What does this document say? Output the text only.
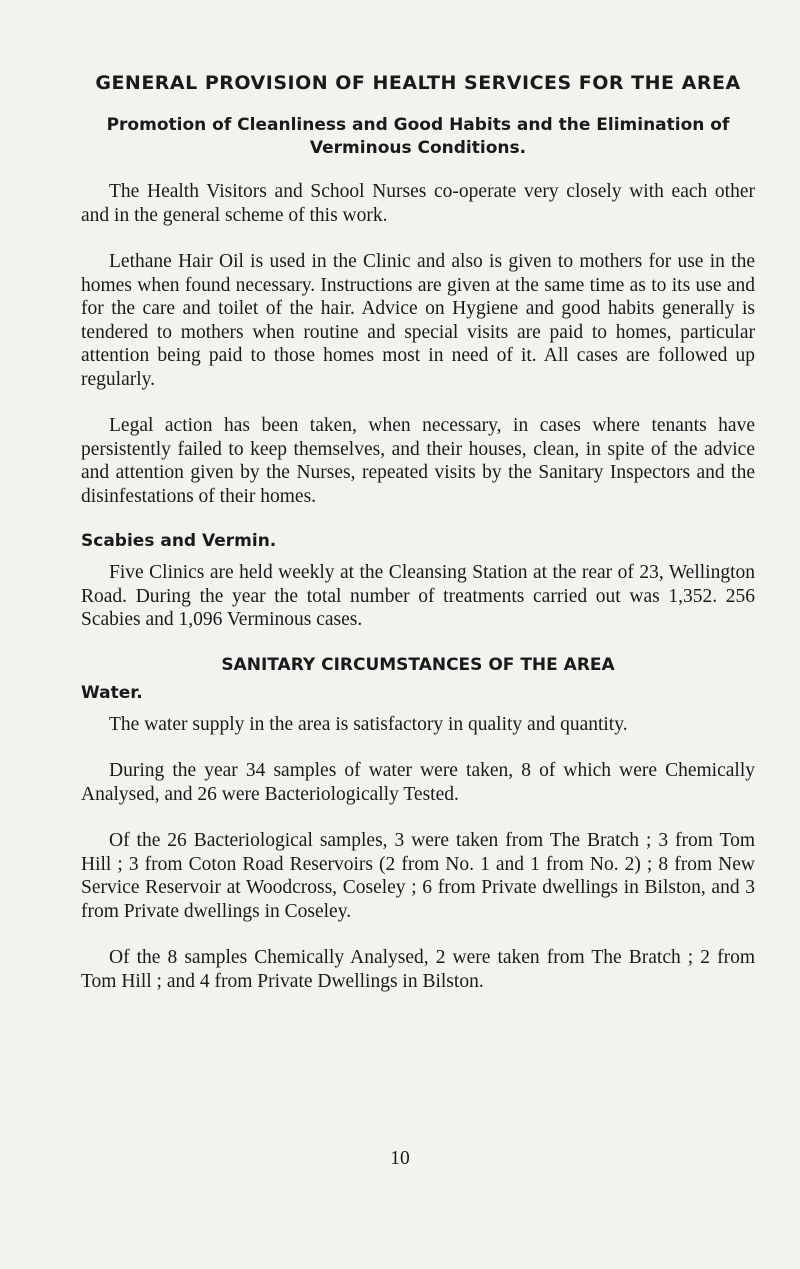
GENERAL PROVISION OF HEALTH SERVICES FOR THE AREA
Promotion of Cleanliness and Good Habits and the Elimination of Verminous Conditions.

The Health Visitors and School Nurses co-operate very closely with each other and in the general scheme of this work.

Lethane Hair Oil is used in the Clinic and also is given to mothers for use in the homes when found necessary. Instructions are given at the same time as to its use and for the care and toilet of the hair. Advice on Hygiene and good habits generally is tendered to mothers when routine and special visits are paid to homes, particular attention being paid to those homes most in need of it. All cases are followed up regularly.

Legal action has been taken, when necessary, in cases where tenants have persistently failed to keep themselves, and their houses, clean, in spite of the advice and attention given by the Nurses, repeated visits by the Sanitary Inspectors and the disinfestations of their homes.

Scabies and Vermin.

Five Clinics are held weekly at the Cleansing Station at the rear of 23, Wellington Road. During the year the total number of treatments carried out was 1,352. 256 Scabies and 1,096 Verminous cases.

SANITARY CIRCUMSTANCES OF THE AREA
Water.

The water supply in the area is satisfactory in quality and quantity.

During the year 34 samples of water were taken, 8 of which were Chemically Analysed, and 26 were Bacteriologically Tested.

Of the 26 Bacteriological samples, 3 were taken from The Bratch ; 3 from Tom Hill ; 3 from Coton Road Reservoirs (2 from No. 1 and 1 from No. 2) ; 8 from New Service Reservoir at Woodcross, Coseley ; 6 from Private dwellings in Bilston, and 3 from Private dwellings in Coseley.

Of the 8 samples Chemically Analysed, 2 were taken from The Bratch ; 2 from Tom Hill ; and 4 from Private Dwellings in Bilston.

10
